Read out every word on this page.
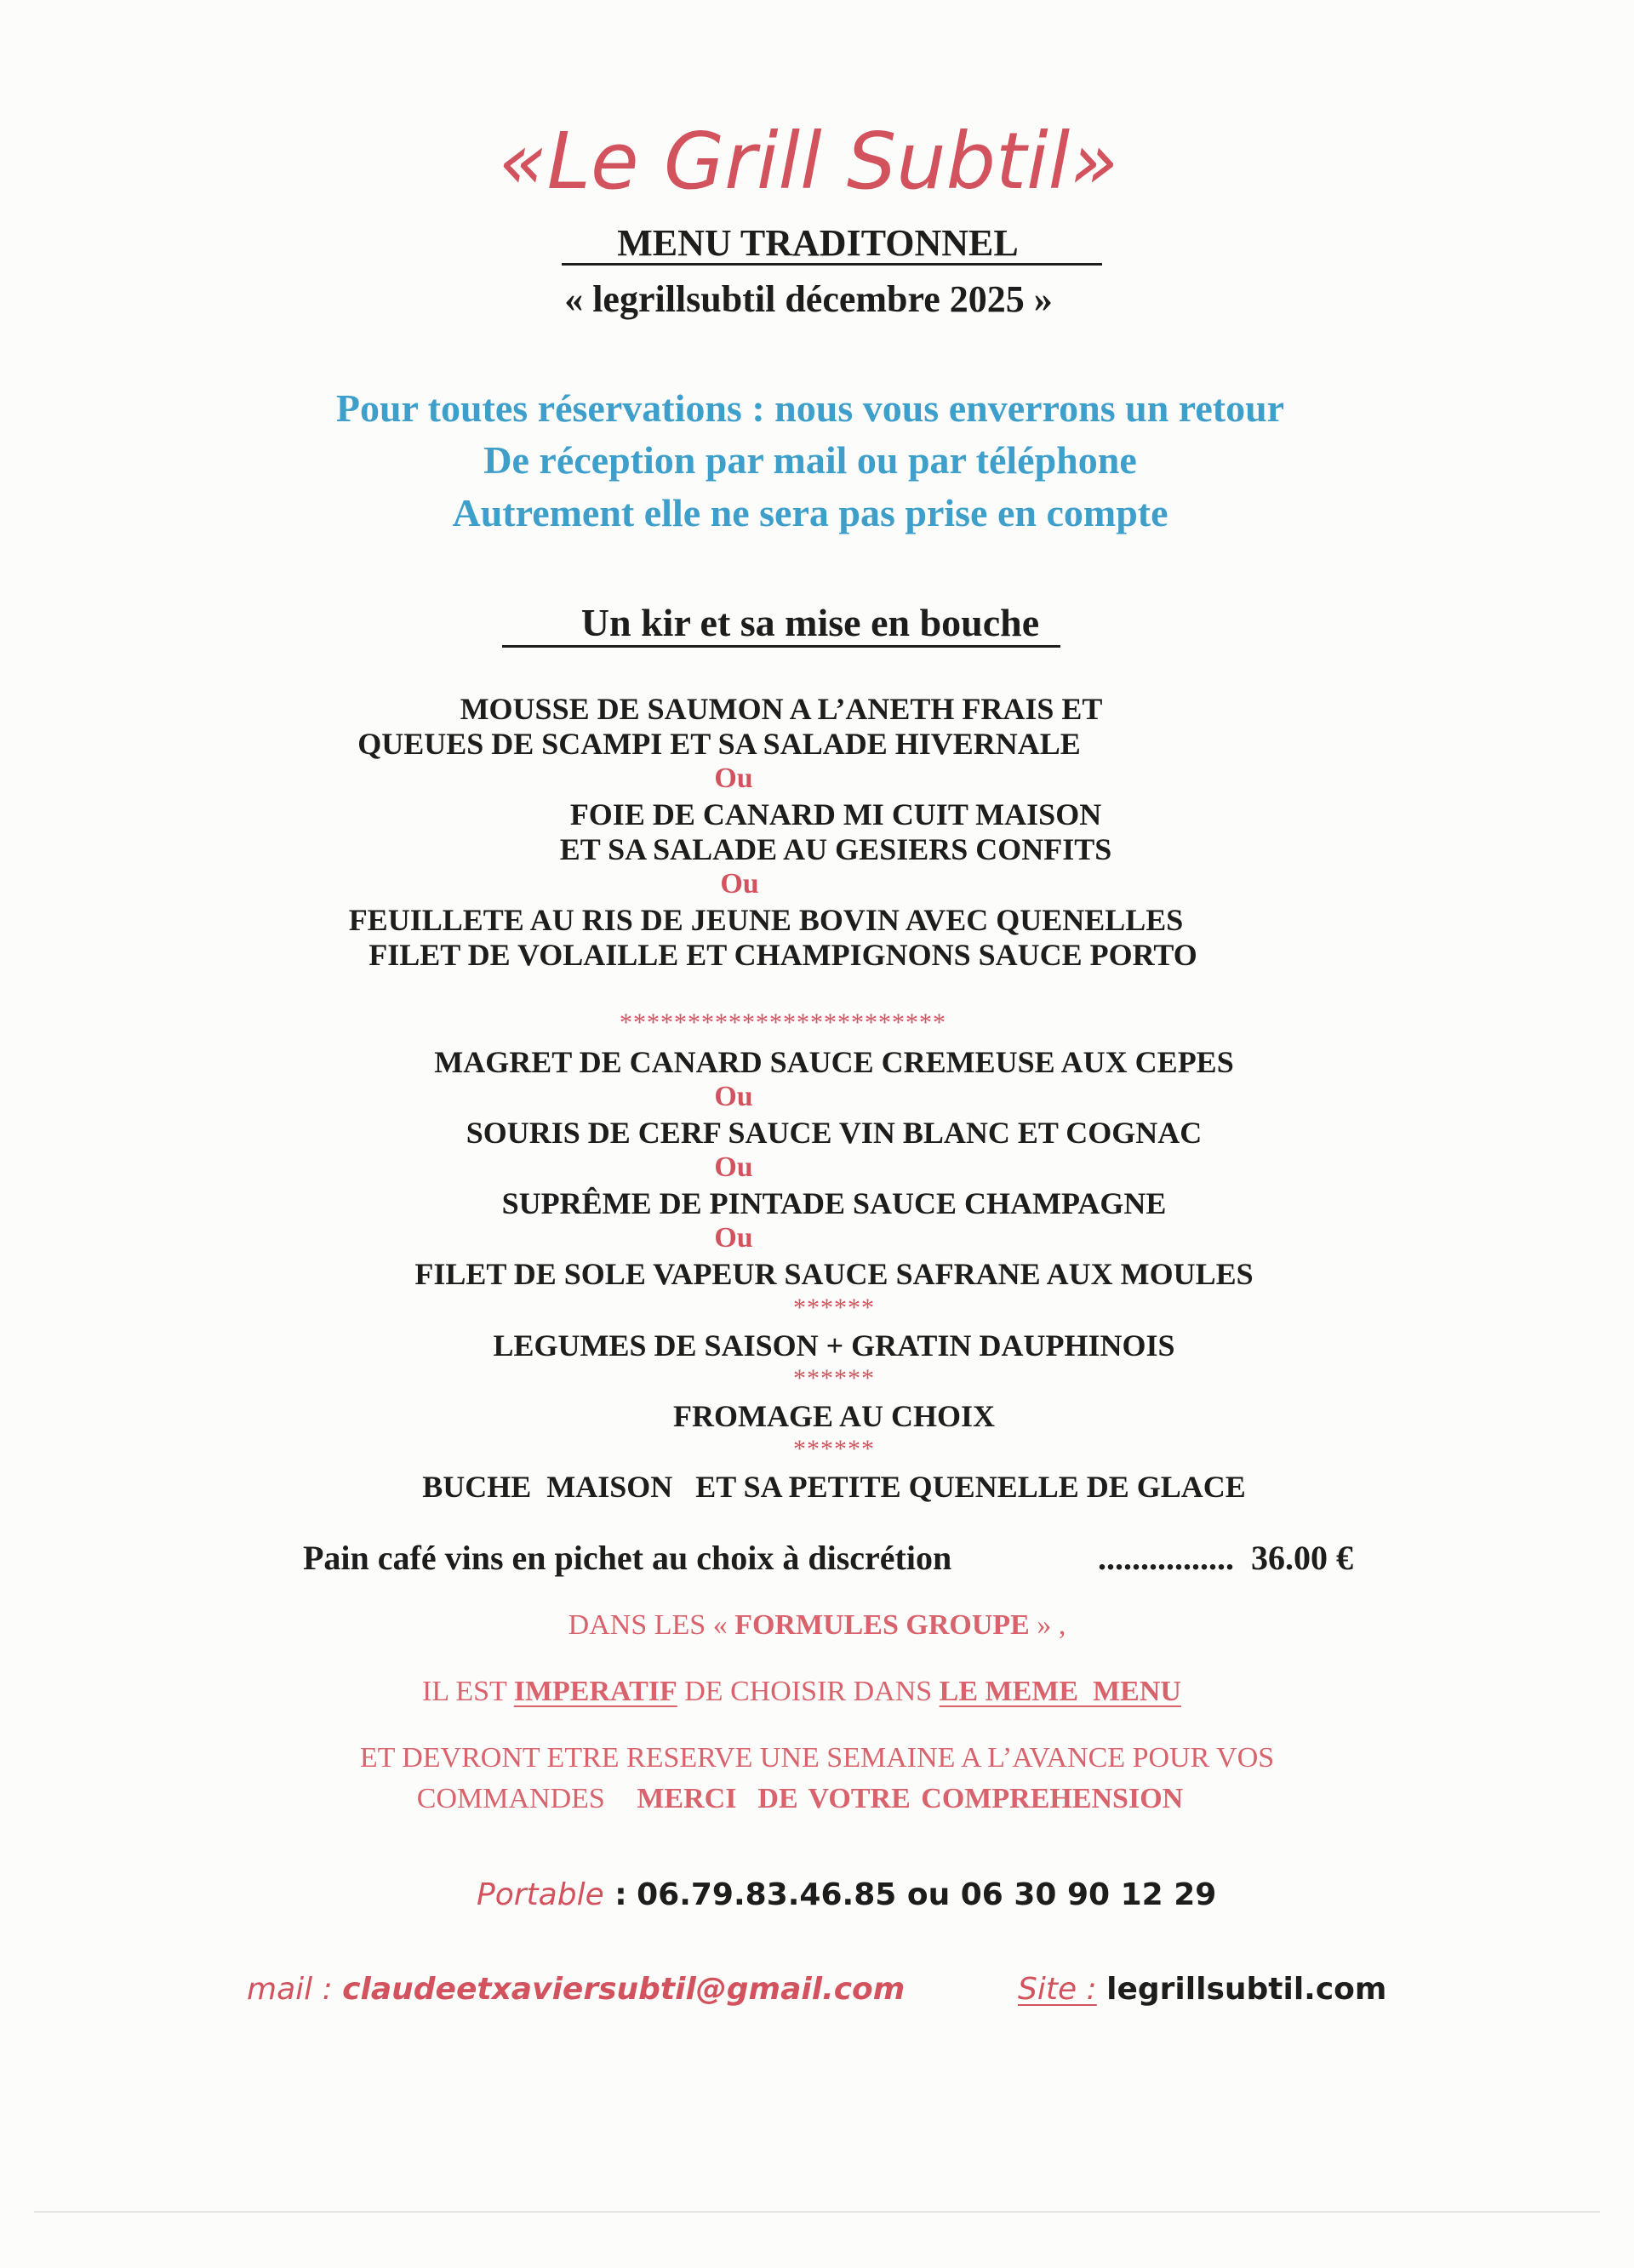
«Le Grill Subtil»
MENU TRADITONNEL
« legrillsubtil décembre 2025 »
Pour toutes réservations : nous vous enverrons un retour
De réception par mail ou par téléphone
Autrement elle ne sera pas prise en compte
Un kir et sa mise en bouche
MOUSSE DE SAUMON A L’ANETH FRAIS ET
QUEUES DE SCAMPI ET SA SALADE HIVERNALE
Ou
FOIE DE CANARD MI CUIT MAISON
ET SA SALADE AU GESIERS CONFITS
Ou
FEUILLETE AU RIS DE JEUNE BOVIN AVEC QUENELLES
FILET DE VOLAILLE ET CHAMPIGNONS SAUCE PORTO
************************
MAGRET DE CANARD SAUCE CREMEUSE AUX CEPES
Ou
SOURIS DE CERF SAUCE VIN BLANC ET COGNAC
Ou
SUPRÊME DE PINTADE SAUCE CHAMPAGNE
Ou
FILET DE SOLE VAPEUR SAUCE SAFRANE AUX MOULES
******
LEGUMES DE SAISON + GRATIN DAUPHINOIS
******
FROMAGE AU CHOIX
******
BUCHE  MAISON   ET SA PETITE QUENELLE DE GLACE
Pain café vins en pichet au choix à discrétion	................ 36.00 €
DANS LES « FORMULES GROUPE » ,
IL EST IMPERATIF DE CHOISIR DANS LE MEME  MENU
ET DEVRONT ETRE RESERVE UNE SEMAINE A L’AVANCE POUR VOS
COMMANDES MERCI  DE VOTRE COMPREHENSION
Portable : 06.79.83.46.85 ou 06 30 90 12 29
mail : claudeetxaviersubtil@gmail.com	Site : legrillsubtil.com
